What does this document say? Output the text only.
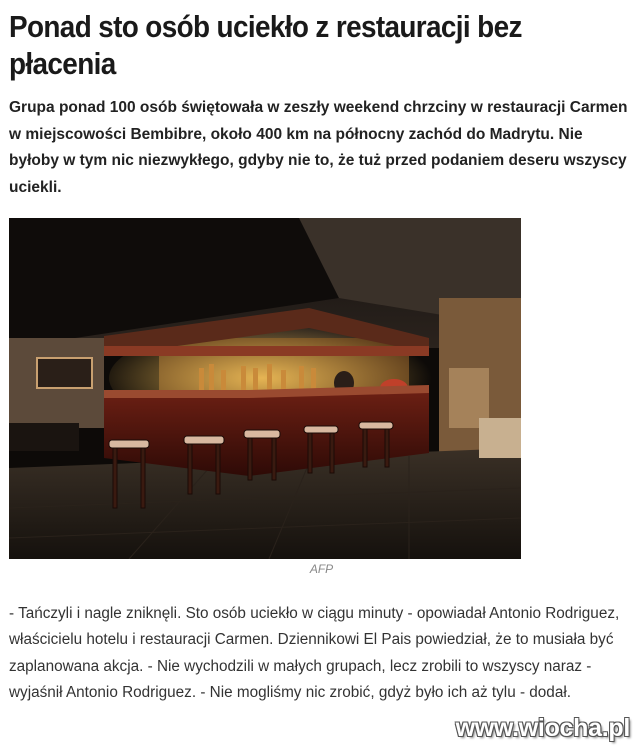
Ponad sto osób uciekło z restauracji bez płacenia

Grupa ponad 100 osób świętowała w zeszły weekend chrzciny w restauracji Carmen w miejscowości Bembibre, około 400 km na północny zachód do Madrytu. Nie byłoby w tym nic niezwykłego, gdyby nie to, że tuż przed podaniem deseru wszyscy uciekli.

AFP

- Tańczyli i nagle zniknęli. Sto osób uciekło w ciągu minuty - opowiadał Antonio Rodriguez, właścicielu hotelu i restauracji Carmen. Dziennikowi El Pais powiedział, że to musiała być zaplanowana akcja. - Nie wychodzili w małych grupach, lecz zrobili to wszyscy naraz - wyjaśnił Antonio Rodriguez. - Nie mogliśmy nic zrobić, gdyż było ich aż tylu - dodał.

www.wiocha.pl
